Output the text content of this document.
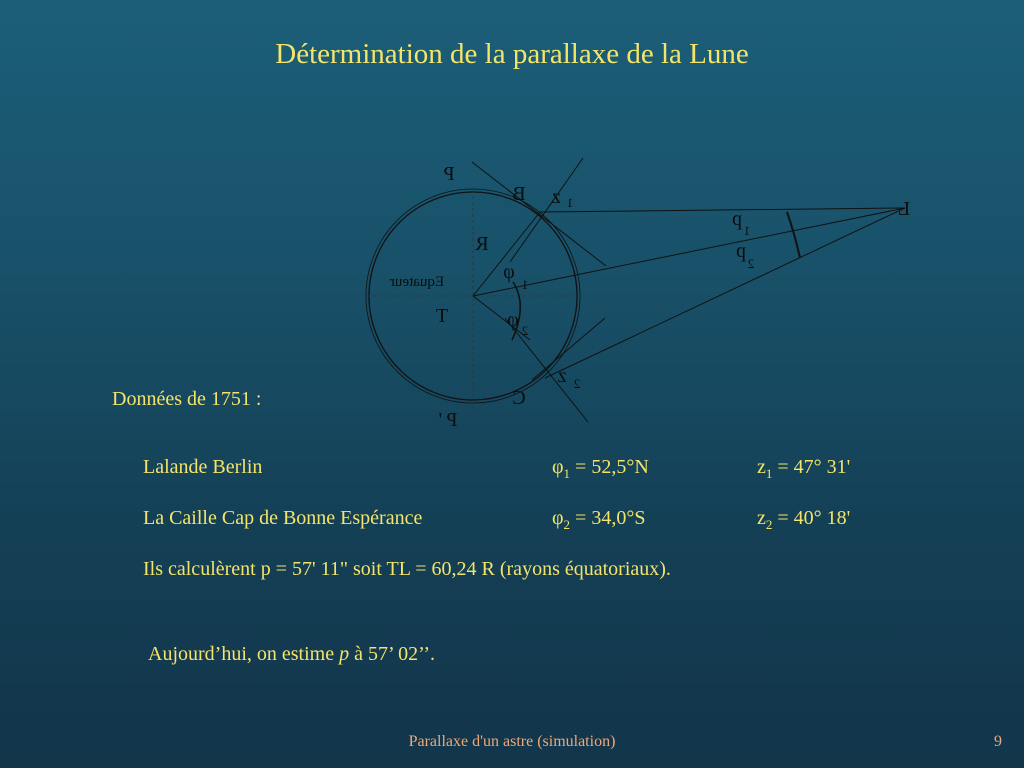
Détermination de la parallaxe de la Lune
P
P '
B
C
R
T
L
Equateur
z 1
z 2
φ
1
φ 2
p
1
p
2
Données de 1751 :
Lalande Berlin	$\varphi_1 = 52,5^\circ N$	$z_1 = 47^\circ$ 31'
La Caille Cap de Bonne Espérance	$\varphi_2 = 34,0^\circ S$	$z_2 = 40^\circ$ 18'
Ils calculèrent p = 57' 11" soit TL = 60,24 R (rayons équatoriaux).
Aujourd’hui, on estime p à 57’ 02’’.
Parallaxe d'un astre (simulation)	9
